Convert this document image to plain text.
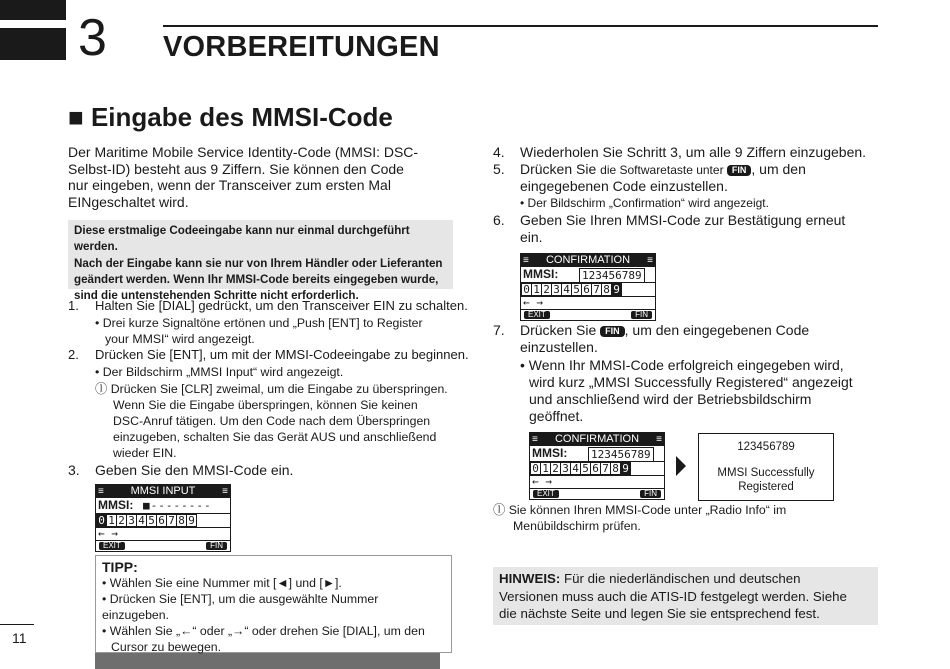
3 VORBEREITUNGEN
■ Eingabe des MMSI-Code
Der Maritime Mobile Service Identity-Code (MMSI: DSC-
Selbst-ID) besteht aus 9 Ziffern. Sie können den Code
nur eingeben, wenn der Transceiver zum ersten Mal
EINgeschaltet wird.
Diese erstmalige Codeeingabe kann nur einmal durchgeführt werden.
Nach der Eingabe kann sie nur von Ihrem Händler oder Lieferanten
geändert werden. Wenn Ihr MMSI-Code bereits eingegeben wurde,
sind die untenstehenden Schritte nicht erforderlich.
1. Halten Sie [DIAL] gedrückt, um den Transceiver EIN zu schalten.
• Drei kurze Signaltöne ertönen und „Push [ENT] to Register
your MMSI“ wird angezeigt.
2. Drücken Sie [ENT], um mit der MMSI-Codeeingabe zu beginnen.
• Der Bildschirm „MMSI Input“ wird angezeigt.
ⓛ Drücken Sie [CLR] zweimal, um die Eingabe zu überspringen.
Wenn Sie die Eingabe überspringen, können Sie keinen
DSC-Anruf tätigen. Um den Code nach dem Überspringen
einzugeben, schalten Sie das Gerät AUS und anschließend
wieder EIN.
3. Geben Sie den MMSI-Code ein.
≡ MMSI INPUT	≡
MMSI: ■--------
0 1 2 3 4 5 6 7 8 9
← →
EXIT	FIN
TIPP:
• Wählen Sie eine Nummer mit [◄] und [►].
• Drücken Sie [ENT], um die ausgewählte Nummer einzugeben.
• Wählen Sie „←“ oder „→“ oder drehen Sie [DIAL], um den
Cursor zu bewegen.
11
4. Wiederholen Sie Schritt 3, um alle 9 Ziffern einzugeben.
5. Drücken Sie die Softwaretaste unter FIN , um den
eingegebenen Code einzustellen.
• Der Bildschirm „Confirmation“ wird angezeigt.
6. Geben Sie Ihren MMSI-Code zur Bestätigung erneut
ein.
≡ CONFIRMATION ≡
MMSI: 123456789
0 1 2 3 4 5 6 7 8 9
← →
EXIT	FIN
7. Drücken Sie FIN , um den eingegebenen Code
einzustellen.
• Wenn Ihr MMSI-Code erfolgreich eingegeben wird,
wird kurz „MMSI Successfully Registered“ angezeigt
und anschließend wird der Betriebsbildschirm
geöffnet.
≡ CONFIRMATION ≡
MMSI: 123456789
0 1 2 3 4 5 6 7 8 9
← →
EXIT	FIN
123456789
MMSI Successfully
Registered
ⓛ Sie können Ihren MMSI-Code unter „Radio Info“ im
Menübildschirm prüfen.
HINWEIS: Für die niederländischen und deutschen
Versionen muss auch die ATIS-ID festgelegt werden. Siehe
die nächste Seite und legen Sie sie entsprechend fest.
